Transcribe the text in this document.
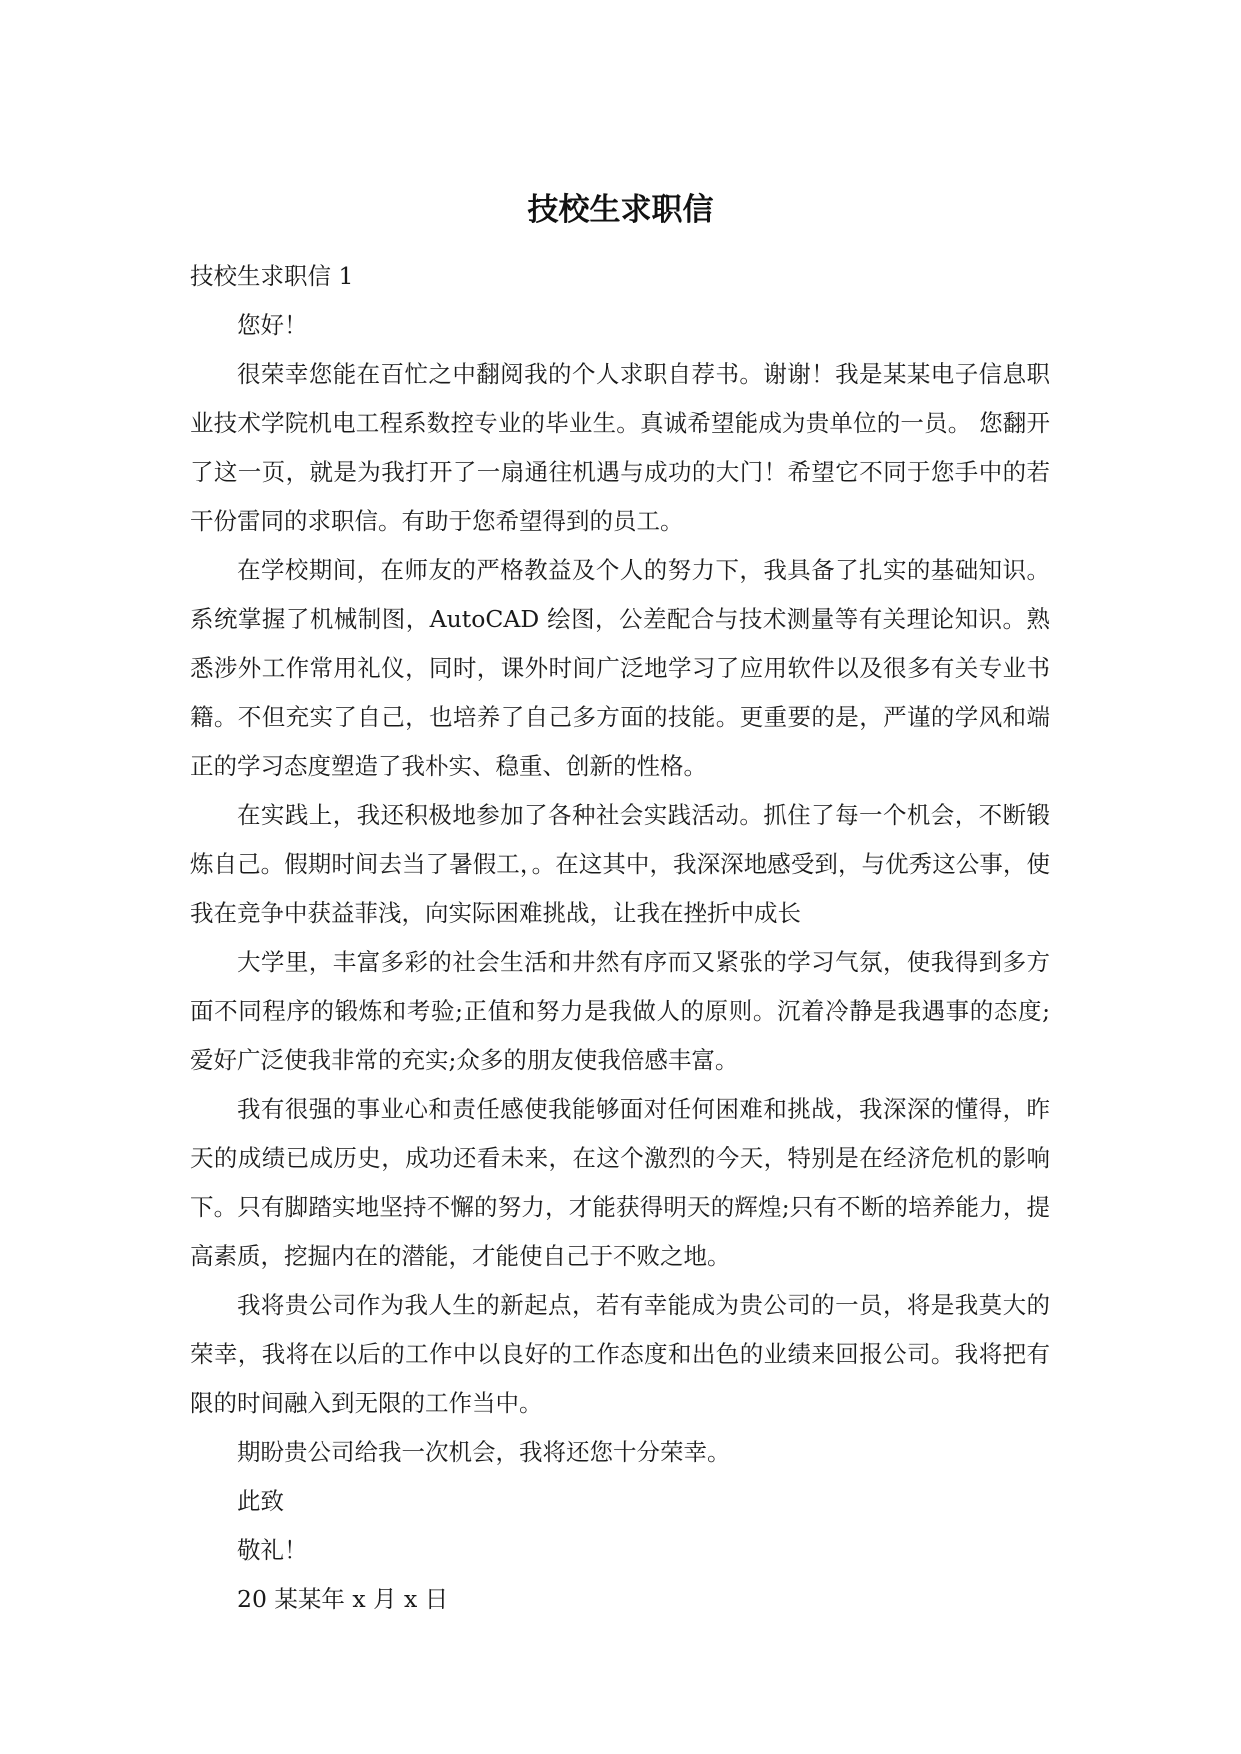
技校生求职信

技校生求职信 1

您好！

很荣幸您能在百忙之中翻阅我的个人求职自荐书。谢谢！我是某某电子信息职业技术学院机电工程系数控专业的毕业生。真诚希望能成为贵单位的一员。 您翻开了这一页，就是为我打开了一扇通往机遇与成功的大门！希望它不同于您手中的若干份雷同的求职信。有助于您希望得到的员工。

在学校期间，在师友的严格教益及个人的努力下，我具备了扎实的基础知识。系统掌握了机械制图，AutoCAD 绘图，公差配合与技术测量等有关理论知识。熟悉涉外工作常用礼仪，同时，课外时间广泛地学习了应用软件以及很多有关专业书籍。不但充实了自己，也培养了自己多方面的技能。更重要的是，严谨的学风和端正的学习态度塑造了我朴实、稳重、创新的性格。

在实践上，我还积极地参加了各种社会实践活动。抓住了每一个机会，不断锻炼自己。假期时间去当了暑假工，。在这其中，我深深地感受到，与优秀这公事，使我在竞争中获益菲浅，向实际困难挑战，让我在挫折中成长

大学里，丰富多彩的社会生活和井然有序而又紧张的学习气氛，使我得到多方面不同程序的锻炼和考验;正值和努力是我做人的原则。沉着冷静是我遇事的态度;爱好广泛使我非常的充实;众多的朋友使我倍感丰富。

我有很强的事业心和责任感使我能够面对任何困难和挑战，我深深的懂得，昨天的成绩已成历史，成功还看未来，在这个激烈的今天，特别是在经济危机的影响下。只有脚踏实地坚持不懈的努力，才能获得明天的辉煌;只有不断的培养能力，提高素质，挖掘内在的潜能，才能使自己于不败之地。

我将贵公司作为我人生的新起点，若有幸能成为贵公司的一员，将是我莫大的荣幸，我将在以后的工作中以良好的工作态度和出色的业绩来回报公司。我将把有限的时间融入到无限的工作当中。

期盼贵公司给我一次机会，我将还您十分荣幸。

此致

敬礼！

20 某某年 x 月 x 日
